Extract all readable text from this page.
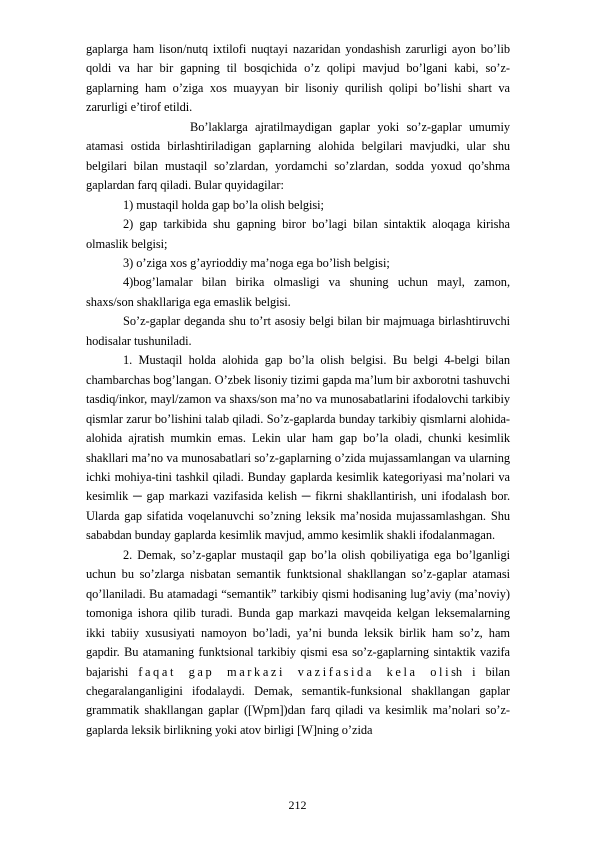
gaplarga ham lison/nutq ixtilofi nuqtayi nazaridan yondashish zarurligi ayon bo’lib qoldi va har bir gapning til bosqichida o’z qolipi mavjud bo’lgani kabi, so’z-gaplarning ham o’ziga xos muayyan bir lisoniy qurilish qolipi bo’lishi shart va zarurligi e’tirof etildi.

Bo’laklarga ajratilmaydigan gaplar yoki so’z-gaplar umumiy atamasi ostida birlashtiriladigan gaplarning alohida belgilari mavjudki, ular shu belgilari bilan mustaqil so’zlardan, yordamchi so’zlardan, sodda yoxud qo’shma gaplardan farq qiladi. Bular quyidagilar:

1) mustaqil holda gap bo’la olish belgisi;

2) gap tarkibida shu gapning biror bo’lagi bilan sintaktik aloqaga kirisha olmaslik belgisi;

3) o’ziga xos g’ayrioddiy ma’noga ega bo’lish belgisi;

4)bog’lamalar bilan birika olmasligi va shuning uchun mayl, zamon, shaxs/son shakllariga ega emaslik belgisi.

So’z-gaplar deganda shu to’rt asosiy belgi bilan bir majmuaga birlashtiruvchi hodisalar tushuniladi.

1. Mustaqil holda alohida gap bo’la olish belgisi. Bu belgi 4-belgi bilan chambarchas bog’langan. O’zbek lisoniy tizimi gapda ma’lum bir axborotni tashuvchi tasdiq/inkor, mayl/zamon va shaxs/son ma’no va munosabatlarini ifodalovchi tarkibiy qismlar zarur bo’lishini talab qiladi. So’z-gaplarda bunday tarkibiy qismlarni alohida-alohida ajratish mumkin emas. Lekin ular ham gap bo’la oladi, chunki kesimlik shakllari ma’no va munosabatlari so’z-gaplarning o’zida mujassamlangan va ularning ichki mohiya-tini tashkil qiladi. Bunday gaplarda kesimlik kategoriyasi ma’nolari va kesimlik ─ gap markazi vazifasida kelish ─ fikrni shakllantirish, uni ifodalash bor. Ularda gap sifatida voqelanuvchi so’zning leksik ma’nosida mujassamlashgan. Shu sababdan bunday gaplarda kesimlik mavjud, ammo kesimlik shakli ifodalanmagan.

2. Demak, so’z-gaplar mustaqil gap bo’la olish qobiliyatiga ega bo’lganligi uchun bu so’zlarga nisbatan semantik funktsional shakllangan so’z-gaplar atamasi qo’llaniladi. Bu atamadagi “semantik” tarkibiy qismi hodisaning lug’aviy (ma’noviy) tomoniga ishora qilib turadi. Bunda gap markazi mavqeida kelgan leksemalarning ikki tabiiy xususiyati namoyon bo’ladi, ya’ni bunda leksik birlik ham so’z, ham gapdir. Bu atamaning funktsional tarkibiy qismi esa so’z-gaplarning sintaktik vazifa bajarishi faqat gap markazi vazifasida kela olish i bilan chegaralanganligini ifodalaydi. Demak, semantik-funksional shakllangan gaplar grammatik shakllangan gaplar ([Wpm])dan farq qiladi va kesimlik ma’nolari so’z-gaplarda leksik birlikning yoki atov birligi [W]ning o’zida

212
